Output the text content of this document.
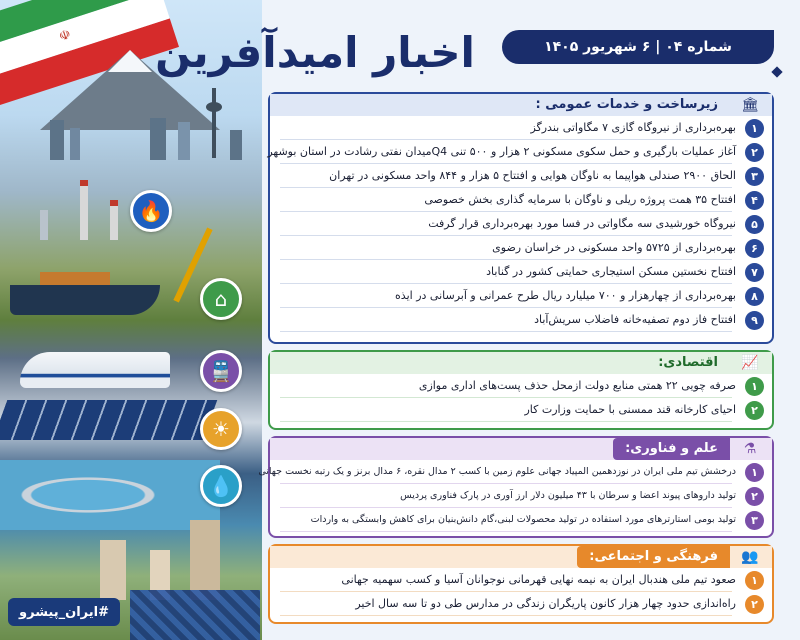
☫
🔥
⌂
🚆
☀
💧
#ایران_پیشرو
اخبار امیدآفرین	شماره ۰۴ | ۶ شهریور ۱۴۰۵
زیرساخت و خدمات عمومی :	🏛
۱
بهره‌برداری از نیروگاه گازی ۷ مگاواتی بندرگز
۲
آغاز عملیات بارگیری و حمل سکوی مسکونی ۲ هزار و ۵۰۰ تنی Q4میدان نفتی رشادت در استان بوشهر
۳
الحاق ۲۹۰۰ صندلی هواپیما به ناوگان هوایی و افتتاح ۵ هزار و ۸۴۴ واحد مسکونی در تهران
۴
افتتاح ۳۵ همت پروژه ریلی و ناوگان با سرمایه گذاری بخش خصوصی
۵
نیروگاه خورشیدی سه مگاواتی در فسا مورد بهره‌برداری قرار گرفت
۶
بهره‌برداری از ۵۷۲۵ واحد مسکونی در خراسان رضوی
۷
افتتاح نخستین مسکن استیجاری حمایتی کشور در گناباد
۸
بهره‌برداری از چهارهزار و ۷۰۰ میلیارد ریال طرح عمرانی و آبرسانی در ایذه
۹
افتتاح فاز دوم تصفیه‌خانه فاضلاب سریش‌آباد
اقتصادی:	📈
۱
صرفه چویی ۲۲ همتی منابع دولت ازمحل حذف پست‌های اداری موازی
۲
احیای کارخانه قند ممسنی با حمایت وزارت کار
علم و فناوری:	⚗
۱
درخشش تیم ملی ایران در نوزدهمین المپیاد جهانی علوم زمین با کسب ۲ مدال نقره، ۶ مدال برنز و یک رتبه نخست جهانی
۲
تولید داروهای پیوند اعضا و سرطان با ۴۳ میلیون دلار ارز آوری در پارک فناوری پردیس
۳
تولید بومی استارترهای مورد استفاده در تولید محصولات لبنی،گام دانش‌بنیان برای کاهش وابستگی به واردات
فرهنگی و اجتماعی:	👥
۱
صعود تیم ملی هندبال ایران به نیمه نهایی قهرمانی نوجوانان آسیا و کسب سهمیه جهانی
۲
راه‌اندازی حدود چهار هزار کانون پاریگران زندگی در مدارس طی دو تا سه سال اخیر
